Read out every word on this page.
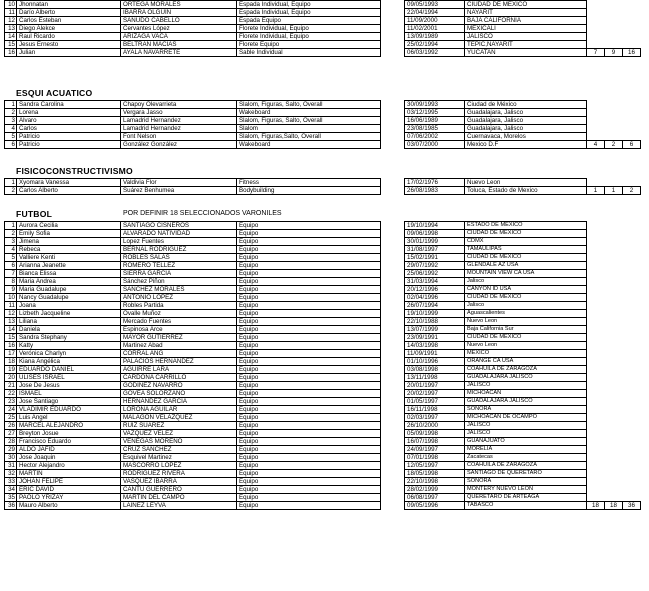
10	Jhonnatan	ORTEGA MORALES	Espada Individual, Equipo		09/05/1993	CIUDAD DE MEXICO			
11	Darío Alberto	IBARRA OLGUIN	Espada Individual, Equipo		22/04/1994	NAYARIT			
12	Carlos Esteban	SAÑUDO CABELLO	Espada Equipo		11/09/2000	BAJA CALIFORNIA			
13	Diego Alekce	Cervantes López	Florete Individual, Equipo		11/02/2001	MEXICALI			
14	Raul Ricardo	ARIZAGA VACA	Florete Individual, Equipo		13/09/1989	JALISCO			
15	Jesus Ernesto	BELTRAN MACIAS	Florete Equipo		25/02/1994	TEPIC,NAYARIT			
16	Julian	AYALA NAVARRETE	Sable Individual		06/03/1992	YUCATAN	7	9	16
ESQUI ACUATICO
1	Sandra Carolina	Chapoy Olevarrieta	Slalom, Figuras, Salto, Overall		30/09/1993	Ciudad de México			
2	Lorena	Vergara Jasso	Wakeboard		03/12/1995	Guadalajara, Jalisco			
3	Alvaro	Lamadrid Hernandez	Slalom, Figuras, Salto, Overall		16/06/1989	Guadalajara, Jalisco			
4	Carlos	Lamadrid Hernandez	Slalom		23/08/1985	Guadalajara, Jalisco			
5	Patricio	Font Nelson	Slalom, Figuras,Salto, Overall		07/06/2002	Cuernavaca, Morelos			
6	Patricio	González González	Wakeboard		03/07/2000	Mexico D.F	4	2	6
FISICOCONSTRUCTIVISMO
1	Xyomara Vanessa	Valdivia Flor	Fitness		17/02/1976	Nuevo Leon			
2	Carlos Alberto	Suárez Benhumea	Bodybuilding		26/08/1983	Toluca, Estado de Mexico	1	1	2
FUTBOL	POR DEFINIR 18 SELECCIONADOS VARONILES
1	Aurora Cecilia	SANTIAGO CISNEROS	Equipo		19/10/1994	ESTADO DE MEXICO			
2	Emily Sofia	ALVARADO NATIVIDAD	Equipo		09/06/1998	CIUDAD DE MEXICO			
3	Jimena	Lopez Fuentes	Equipo		30/01/1999	CDMX			
4	Rebeca	BERNAL RODRIGUEZ	Equipo		31/08/1997	TAMAULIPAS			
5	Valliere Kenti	ROBLES SALAS	Equipo		15/02/1991	CIUDAD DE MEXICO			
6	Arianna Jeanette	ROMERO TELLEZ	Equipo		29/07/1992	GLENDALE AZ USA			
7	Bianca Elissa	SIERRA GARCIA	Equipo		25/06/1992	MOUNTAIN VIEW CA USA			
8	Maria Andrea	Sánchez Piñon	Equipo		31/03/1994	Jalisco			
9	Maria Guadalupe	SANCHEZ MORALES	Equipo		20/12/1996	CANYON ID USA			
10	Nancy Guadalupe	ANTONIO LOPEZ	Equipo		02/04/1996	CIUDAD DE MEXICO			
11	Joana	Robles Partida	Equipo		26/07/1994	Jalisco			
12	Lizbeth Jacqueline	Ovalle Muñoz	Equipo		19/10/1999	Aguascalientes			
13	Liliana	Mercado Fuentes	Equipo		22/10/1988	Nuevo Leon			
14	Daniela	Espinosa Arce	Equipo		13/07/1999	Baja California Sur			
15	Sandra Stephany	MAYOR GUTIERREZ	Equipo		23/09/1991	CIUDAD DE MEXICO			
16	Katty	Martinez Abad	Equipo		14/03/1998	Nuevo Leon			
17	Verónica Charlyn	CORRAL ANG	Equipo		11/09/1991	MEXICO			
18	Kiana Angélica	PALACIOS HERNANDEZ	Equipo		01/10/1996	ORANGE CA USA			
19	EDUARDO DANIEL	AGUIRRE LARA	Equipo		03/08/1998	COAHUILA DE ZARAGOZA			
20	ULISES ISRAEL	CARDONA CARRILLO	Equipo		13/11/1998	GUADALAJARA JALISCO			
21	Jose De Jesus	GODINEZ NAVARRO	Equipo		20/01/1997	JALISCO			
22	ISMAEL	GOVEA SOLORZANO	Equipo		20/02/1997	MICHOACAN			
23	Jose Santiago	HERNANDEZ GARCIA	Equipo		01/05/1997	GUADALAJARA JALISCO			
24	VLADIMIR EDUARDO	LOROÑA AGUILAR	Equipo		16/11/1998	SONORA			
25	Luis Angel	MALAGON VELAZQUEZ	Equipo		02/03/1997	MICHOACAN DE OCAMPO			
26	MARCEL ALEJANDRO	RUIZ SUAREZ	Equipo		26/10/2000	JALISCO			
27	Breyton Josue	VAZQUEZ VELEZ	Equipo		05/09/1998	JALISCO			
28	Francisco Eduardo	VENEGAS MORENO	Equipo		16/07/1998	GUANAJUATO			
29	ALDO JAFID	CRUZ SANCHEZ	Equipo		24/09/1997	MORELIA			
30	Jose Joaquin	Esquivel Martinez	Equipo		07/01/1998	Zacatecas			
31	Hector Alejandro	MASCORRO LOPEZ	Equipo		12/05/1997	COAHUILA DE ZARAGOZA			
32	MARTIN	RODRIGUEZ RIVERA	Equipo		18/05/1998	SANTIAGO DE QUERETARO			
33	JOHAN FELIPE	VASQUEZ IBARRA	Equipo		22/10/1998	SONORA			
34	ERIC DAVID	CANTU GUERRERO	Equipo		28/02/1999	MONTERY NUEVO LEON			
35	PAOLO YRIZAY	MARTIN DEL CAMPO	Equipo		06/08/1997	QUERETARO DE ARTEAGA			
36	Mauro Alberto	LAINEZ LEYVA	Equipo		09/05/1996	TABASCO	18	18	36
